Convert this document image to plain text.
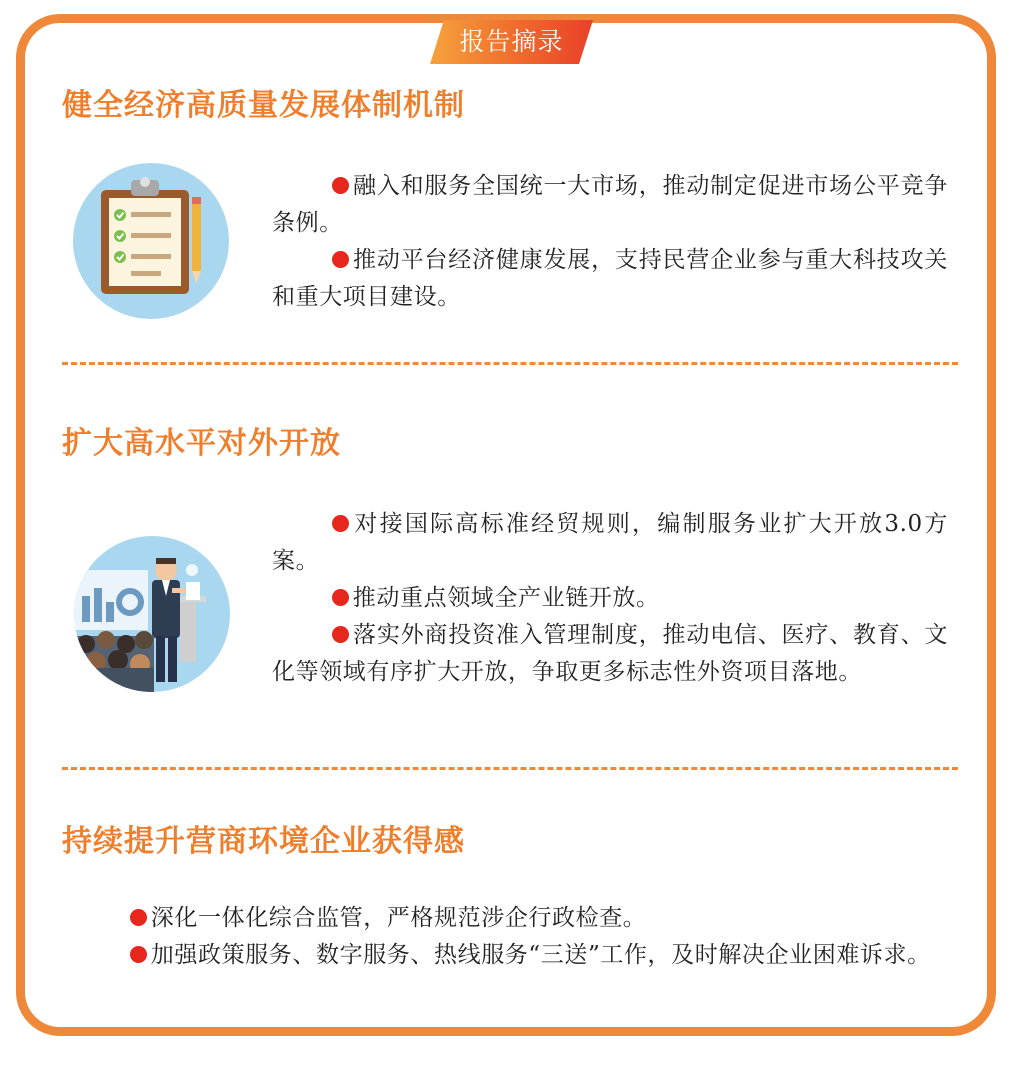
报告摘录
健全经济高质量发展体制机制
融入和服务全国统一大市场，推动制定促进市场公平竞争条例。
推动平台经济健康发展，支持民营企业参与重大科技攻关和重大项目建设。
扩大高水平对外开放
对接国际高标准经贸规则，编制服务业扩大开放3.0方案。
推动重点领域全产业链开放。
落实外商投资准入管理制度，推动电信、医疗、教育、文化等领域有序扩大开放，争取更多标志性外资项目落地。
持续提升营商环境企业获得感
深化一体化综合监管，严格规范涉企行政检查。
加强政策服务、数字服务、热线服务“三送”工作，及时解决企业困难诉求。
